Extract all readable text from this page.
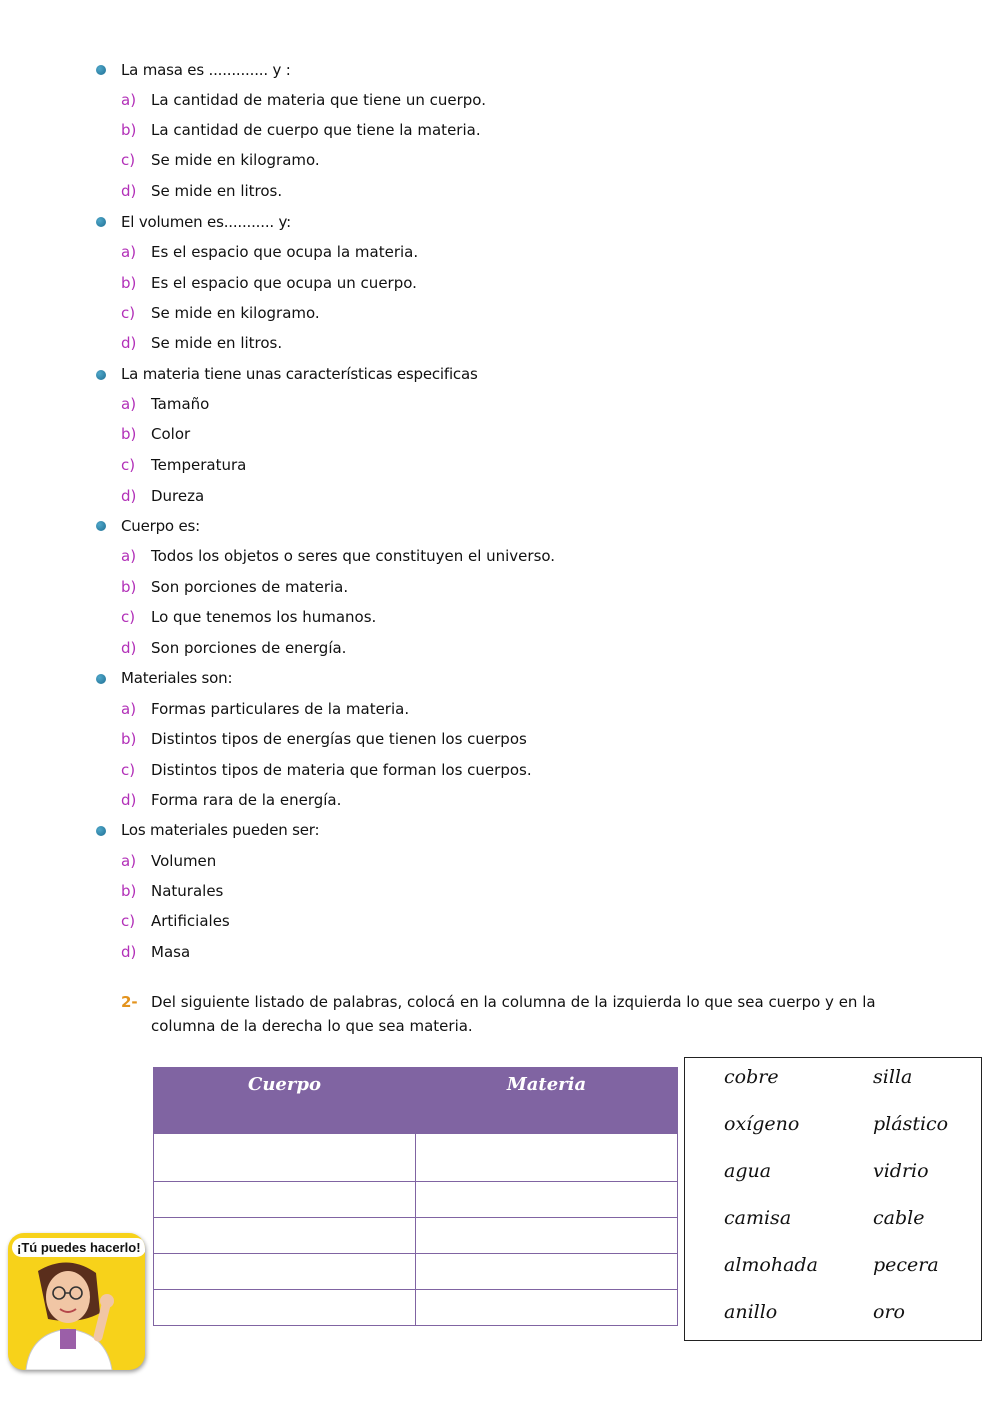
La masa es ............. y :
a) La cantidad de materia que tiene un cuerpo.
b) La cantidad de cuerpo que tiene la materia.
c) Se mide en kilogramo.
d) Se mide en litros.
El volumen es........... y:
a) Es el espacio que ocupa la materia.
b) Es el espacio que ocupa un cuerpo.
c) Se mide en kilogramo.
d) Se mide en litros.
La materia tiene unas características especificas
a) Tamaño
b) Color
c) Temperatura
d) Dureza
Cuerpo es:
a) Todos los objetos o seres que constituyen el universo.
b) Son porciones de materia.
c) Lo que tenemos los humanos.
d) Son porciones de energía.
Materiales son:
a) Formas particulares de la materia.
b) Distintos tipos de energías que tienen los cuerpos
c) Distintos tipos de materia que forman los cuerpos.
d) Forma rara de la energía.
Los materiales pueden ser:
a) Volumen
b) Naturales
c) Artificiales
d) Masa
2- Del siguiente listado de palabras, colocá en la columna de la izquierda lo que sea cuerpo y en la columna de la derecha lo que sea materia.
Cuerpo	Materia

		cobre	silla
oxígeno	plástico
agua	vidrio
camisa	cable
almohada	pecera
anillo	oro
¡Tú puedes hacerlo!
